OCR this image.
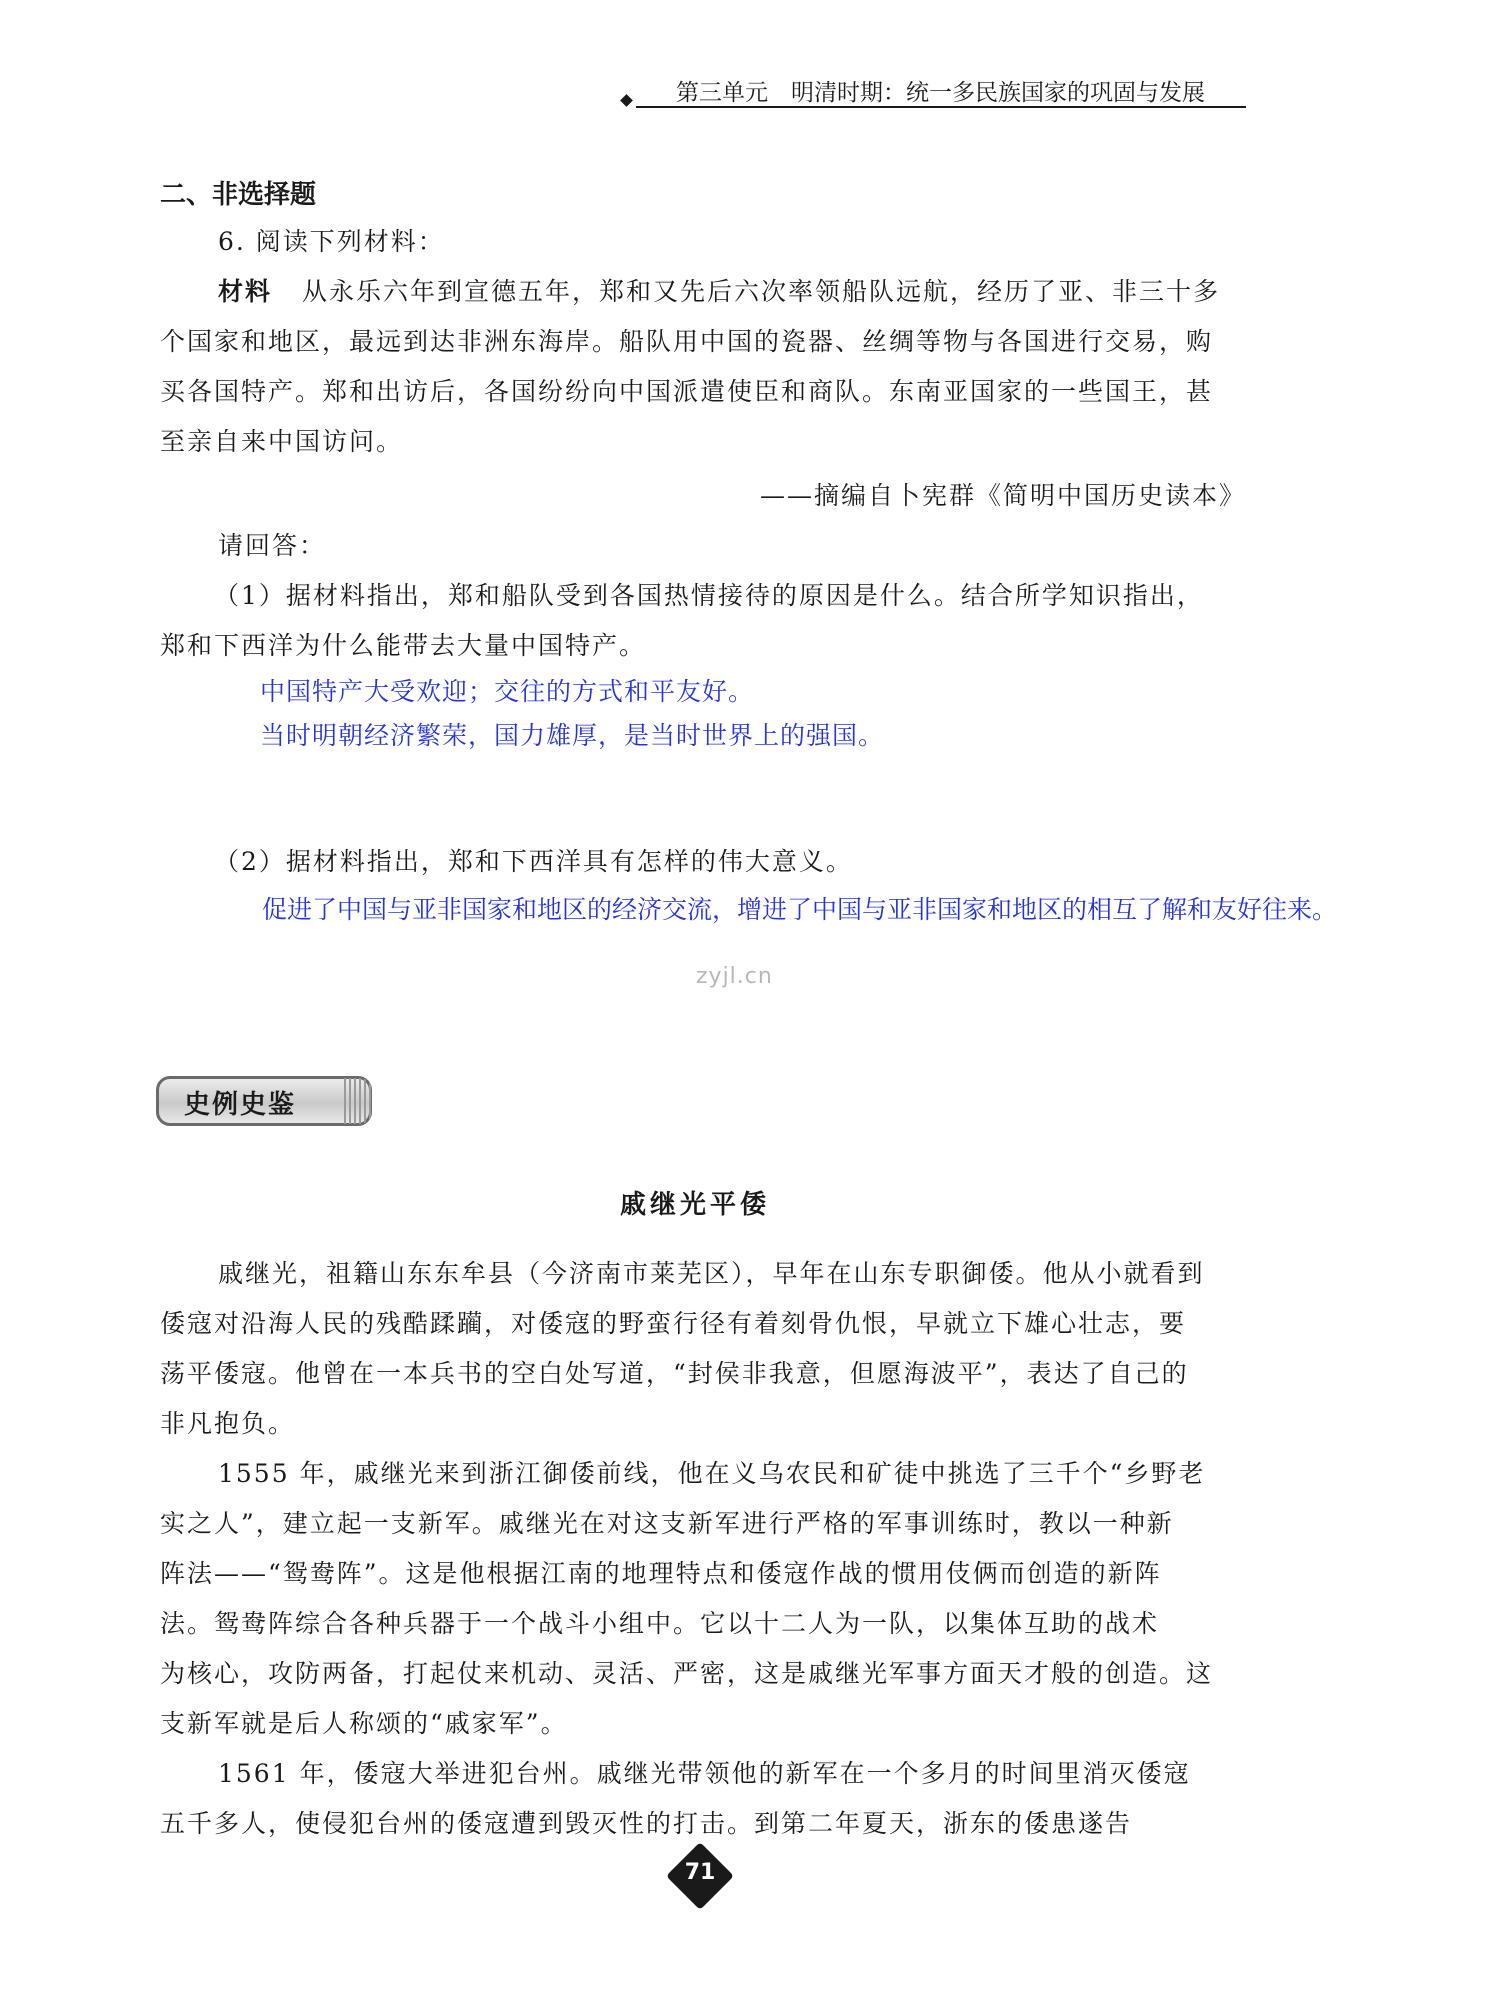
第三单元　明清时期：统一多民族国家的巩固与发展
二、非选择题
6. 阅读下列材料：
材料 从永乐六年到宣德五年，郑和又先后六次率领船队远航，经历了亚、非三十多
个国家和地区，最远到达非洲东海岸。船队用中国的瓷器、丝绸等物与各国进行交易，购
买各国特产。郑和出访后，各国纷纷向中国派遣使臣和商队。东南亚国家的一些国王，甚
至亲自来中国访问。
——摘编自卜宪群《简明中国历史读本》
请回答：
（1）据材料指出，郑和船队受到各国热情接待的原因是什么。结合所学知识指出，
郑和下西洋为什么能带去大量中国特产。
中国特产大受欢迎；交往的方式和平友好。
当时明朝经济繁荣，国力雄厚，是当时世界上的强国。
（2）据材料指出，郑和下西洋具有怎样的伟大意义。
促进了中国与亚非国家和地区的经济交流，增进了中国与亚非国家和地区的相互了解和友好往来。
zyjl.cn
史例史鉴
戚继光平倭
戚继光，祖籍山东东牟县（今济南市莱芜区），早年在山东专职御倭。他从小就看到
倭寇对沿海人民的残酷蹂躏，对倭寇的野蛮行径有着刻骨仇恨，早就立下雄心壮志，要
荡平倭寇。他曾在一本兵书的空白处写道，“封侯非我意，但愿海波平”，表达了自己的
非凡抱负。
1555 年，戚继光来到浙江御倭前线，他在义乌农民和矿徒中挑选了三千个“乡野老
实之人”，建立起一支新军。戚继光在对这支新军进行严格的军事训练时，教以一种新
阵法——“鸳鸯阵”。这是他根据江南的地理特点和倭寇作战的惯用伎俩而创造的新阵
法。鸳鸯阵综合各种兵器于一个战斗小组中。它以十二人为一队，以集体互助的战术
为核心，攻防两备，打起仗来机动、灵活、严密，这是戚继光军事方面天才般的创造。这
支新军就是后人称颂的“戚家军”。
1561 年，倭寇大举进犯台州。戚继光带领他的新军在一个多月的时间里消灭倭寇
五千多人，使侵犯台州的倭寇遭到毁灭性的打击。到第二年夏天，浙东的倭患遂告
71
